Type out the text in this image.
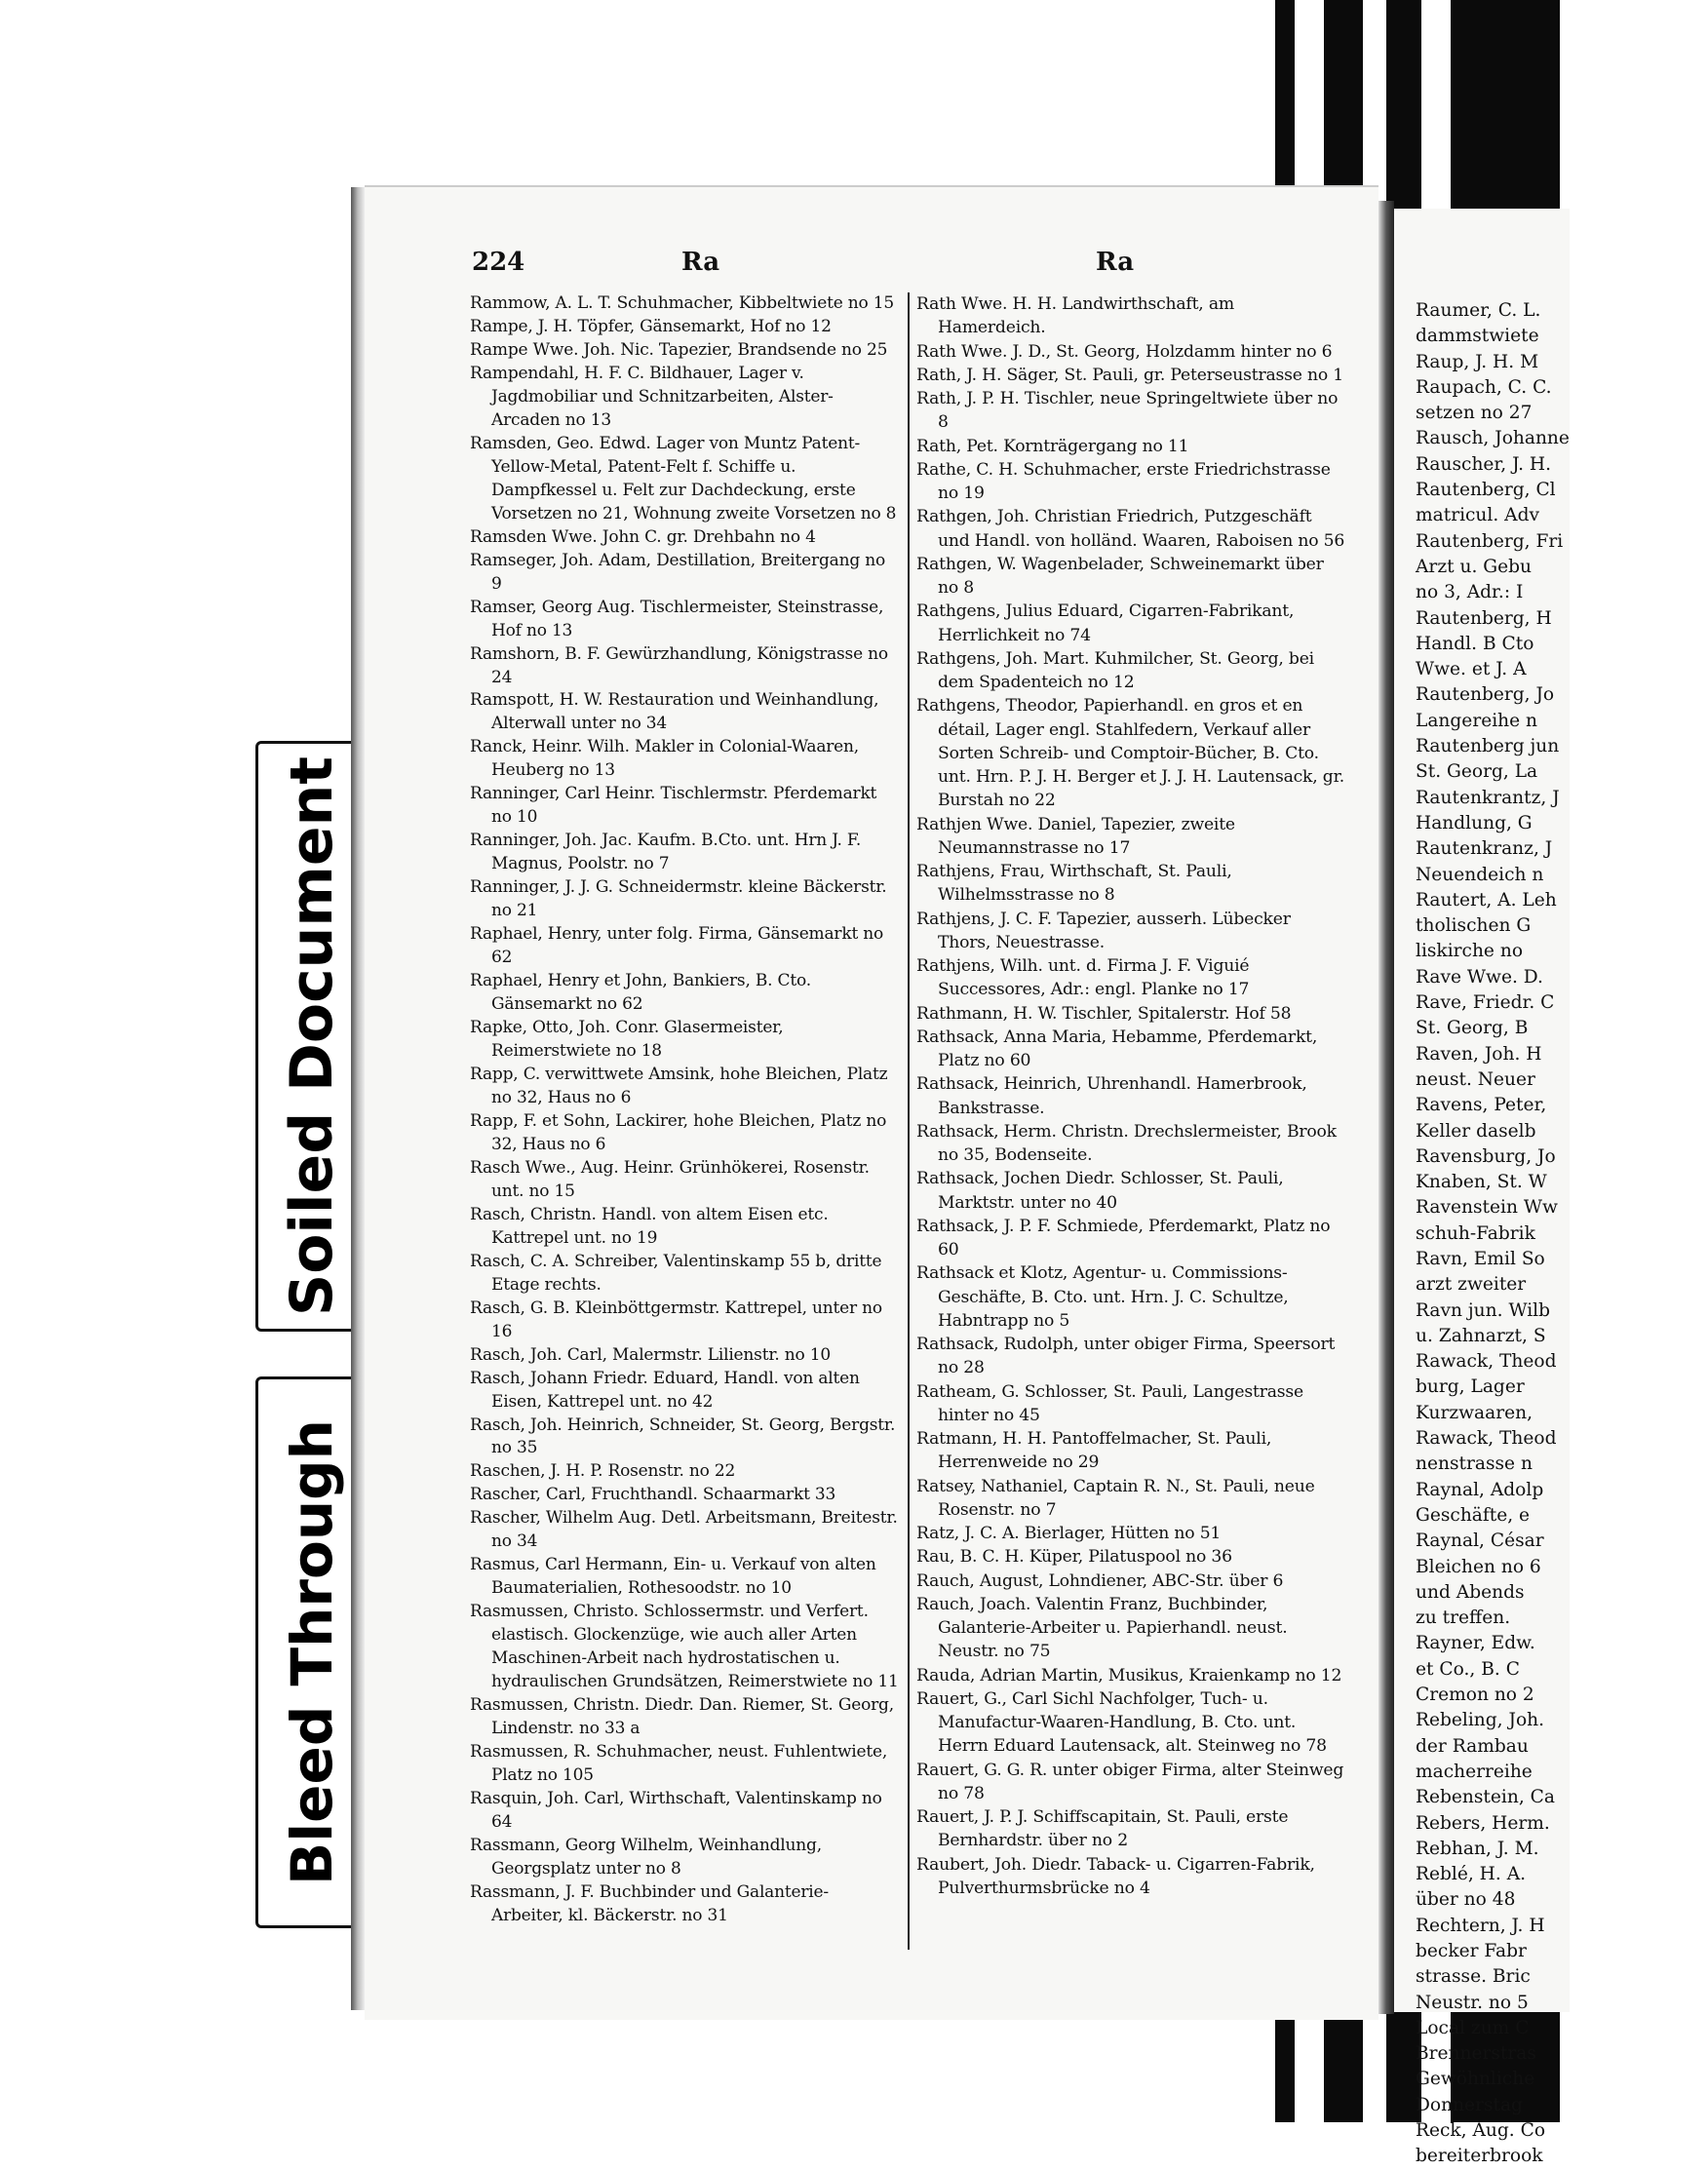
Soiled Document
Bleed Through
224	Ra	Ra
Rammow, A. L. T. Schuhmacher, Kibbeltwiete no 15
Rampe, J. H. Töpfer, Gänsemarkt, Hof no 12
Rampe Wwe. Joh. Nic. Tapezier, Brandsende no 25
Rampendahl, H. F. C. Bildhauer, Lager v. Jagdmobiliar und Schnitzarbeiten, Alster-Arcaden no 13
Ramsden, Geo. Edwd. Lager von Muntz Patent-Yellow-Metal, Patent-Felt f. Schiffe u. Dampfkessel u. Felt zur Dachdeckung, erste Vorsetzen no 21, Wohnung zweite Vorsetzen no 8
Ramsden Wwe. John C. gr. Drehbahn no 4
Ramseger, Joh. Adam, Destillation, Breitergang no 9
Ramser, Georg Aug. Tischlermeister, Steinstrasse, Hof no 13
Ramshorn, B. F. Gewürzhandlung, Königstrasse no 24
Ramspott, H. W. Restauration und Weinhandlung, Alterwall unter no 34
Ranck, Heinr. Wilh. Makler in Colonial-Waaren, Heuberg no 13
Ranninger, Carl Heinr. Tischlermstr. Pferdemarkt no 10
Ranninger, Joh. Jac. Kaufm. B.Cto. unt. Hrn J. F. Magnus, Poolstr. no 7
Ranninger, J. J. G. Schneidermstr. kleine Bäckerstr. no 21
Raphael, Henry, unter folg. Firma, Gänsemarkt no 62
Raphael, Henry et John, Bankiers, B. Cto. Gänsemarkt no 62
Rapke, Otto, Joh. Conr. Glasermeister, Reimerstwiete no 18
Rapp, C. verwittwete Amsink, hohe Bleichen, Platz no 32, Haus no 6
Rapp, F. et Sohn, Lackirer, hohe Bleichen, Platz no 32, Haus no 6
Rasch Wwe., Aug. Heinr. Grünhökerei, Rosenstr. unt. no 15
Rasch, Christn. Handl. von altem Eisen etc. Kattrepel unt. no 19
Rasch, C. A. Schreiber, Valentinskamp 55 b, dritte Etage rechts.
Rasch, G. B. Kleinböttgermstr. Kattrepel, unter no 16
Rasch, Joh. Carl, Malermstr. Lilienstr. no 10
Rasch, Johann Friedr. Eduard, Handl. von alten Eisen, Kattrepel unt. no 42
Rasch, Joh. Heinrich, Schneider, St. Georg, Bergstr. no 35
Raschen, J. H. P. Rosenstr. no 22
Rascher, Carl, Fruchthandl. Schaarmarkt 33
Rascher, Wilhelm Aug. Detl. Arbeitsmann, Breitestr. no 34
Rasmus, Carl Hermann, Ein- u. Verkauf von alten Baumaterialien, Rothesoodstr. no 10
Rasmussen, Christo. Schlossermstr. und Verfert. elastisch. Glockenzüge, wie auch aller Arten Maschinen-Arbeit nach hydrostatischen u. hydraulischen Grundsätzen, Reimerstwiete no 11
Rasmussen, Christn. Diedr. Dan. Riemer, St. Georg, Lindenstr. no 33 a
Rasmussen, R. Schuhmacher, neust. Fuhlentwiete, Platz no 105
Rasquin, Joh. Carl, Wirthschaft, Valentinskamp no 64
Rassmann, Georg Wilhelm, Weinhandlung, Georgsplatz unter no 8
Rassmann, J. F. Buchbinder und Galanterie-Arbeiter, kl. Bäckerstr. no 31
Rath Wwe. H. H. Landwirthschaft, am Hamerdeich.
Rath Wwe. J. D., St. Georg, Holzdamm hinter no 6
Rath, J. H. Säger, St. Pauli, gr. Peterseustrasse no 1
Rath, J. P. H. Tischler, neue Springeltwiete über no 8
Rath, Pet. Kornträgergang no 11
Rathe, C. H. Schuhmacher, erste Friedrichstrasse no 19
Rathgen, Joh. Christian Friedrich, Putzgeschäft und Handl. von holländ. Waaren, Raboisen no 56
Rathgen, W. Wagenbelader, Schweinemarkt über no 8
Rathgens, Julius Eduard, Cigarren-Fabrikant, Herrlichkeit no 74
Rathgens, Joh. Mart. Kuhmilcher, St. Georg, bei dem Spadenteich no 12
Rathgens, Theodor, Papierhandl. en gros et en détail, Lager engl. Stahlfedern, Verkauf aller Sorten Schreib- und Comptoir-Bücher, B. Cto. unt. Hrn. P. J. H. Berger et J. J. H. Lautensack, gr. Burstah no 22
Rathjen Wwe. Daniel, Tapezier, zweite Neumannstrasse no 17
Rathjens, Frau, Wirthschaft, St. Pauli, Wilhelmsstrasse no 8
Rathjens, J. C. F. Tapezier, ausserh. Lübecker Thors, Neuestrasse.
Rathjens, Wilh. unt. d. Firma J. F. Viguié Successores, Adr.: engl. Planke no 17
Rathmann, H. W. Tischler, Spitalerstr. Hof 58
Rathsack, Anna Maria, Hebamme, Pferdemarkt, Platz no 60
Rathsack, Heinrich, Uhrenhandl. Hamerbrook, Bankstrasse.
Rathsack, Herm. Christn. Drechslermeister, Brook no 35, Bodenseite.
Rathsack, Jochen Diedr. Schlosser, St. Pauli, Marktstr. unter no 40
Rathsack, J. P. F. Schmiede, Pferdemarkt, Platz no 60
Rathsack et Klotz, Agentur- u. Commissions-Geschäfte, B. Cto. unt. Hrn. J. C. Schultze, Habntrapp no 5
Rathsack, Rudolph, unter obiger Firma, Speersort no 28
Ratheam, G. Schlosser, St. Pauli, Langestrasse hinter no 45
Ratmann, H. H. Pantoffelmacher, St. Pauli, Herrenweide no 29
Ratsey, Nathaniel, Captain R. N., St. Pauli, neue Rosenstr. no 7
Ratz, J. C. A. Bierlager, Hütten no 51
Rau, B. C. H. Küper, Pilatuspool no 36
Rauch, August, Lohndiener, ABC-Str. über 6
Rauch, Joach. Valentin Franz, Buchbinder, Galanterie-Arbeiter u. Papierhandl. neust. Neustr. no 75
Rauda, Adrian Martin, Musikus, Kraienkamp no 12
Rauert, G., Carl Sichl Nachfolger, Tuch- u. Manufactur-Waaren-Handlung, B. Cto. unt. Herrn Eduard Lautensack, alt. Steinweg no 78
Rauert, G. G. R. unter obiger Firma, alter Steinweg no 78
Rauert, J. P. J. Schiffscapitain, St. Pauli, erste Bernhardstr. über no 2
Raubert, Joh. Diedr. Taback- u. Cigarren-Fabrik, Pulverthurmsbrücke no 4
Raumer, C. L.
dammstwiete
Raup, J. H. M
Raupach, C. C.
setzen no 27
Rausch, Johanne
Rauscher, J. H.
Rautenberg, Cl
matricul. Adv
Rautenberg, Fri
Arzt u. Gebu
no 3, Adr.: I
Rautenberg, H
Handl. B Cto
Wwe. et J. A
Rautenberg, Jo
Langereihe n
Rautenberg jun
St. Georg, La
Rautenkrantz, J
Handlung, G
Rautenkranz, J
Neuendeich n
Rautert, A. Leh
tholischen G
liskirche no
Rave Wwe. D.
Rave, Friedr. C
St. Georg, B
Raven, Joh. H
neust. Neuer
Ravens, Peter,
Keller daselb
Ravensburg, Jo
Knaben, St. W
Ravenstein Ww
schuh-Fabrik
Ravn, Emil So
arzt zweiter
Ravn jun. Wilb
u. Zahnarzt, S
Rawack, Theod
burg, Lager
Kurzwaaren,
Rawack, Theod
nenstrasse n
Raynal, Adolp
Geschäfte, e
Raynal, César
Bleichen no 6
und Abends
zu treffen.
Rayner, Edw.
et Co., B. C
Cremon no 2
Rebeling, Joh.
der Rambau
macherreihe
Rebenstein, Ca
Rebers, Herm.
Rebhan, J. M.
Reblé, H. A.
über no 48
Rechtern, J. H
becker Fabr
strasse. Bric
Neustr. no 5
Local zum C
Brennerstras
Gewöhnliche
Donnerstag
Reck, Aug. Co
bereiterbrook
